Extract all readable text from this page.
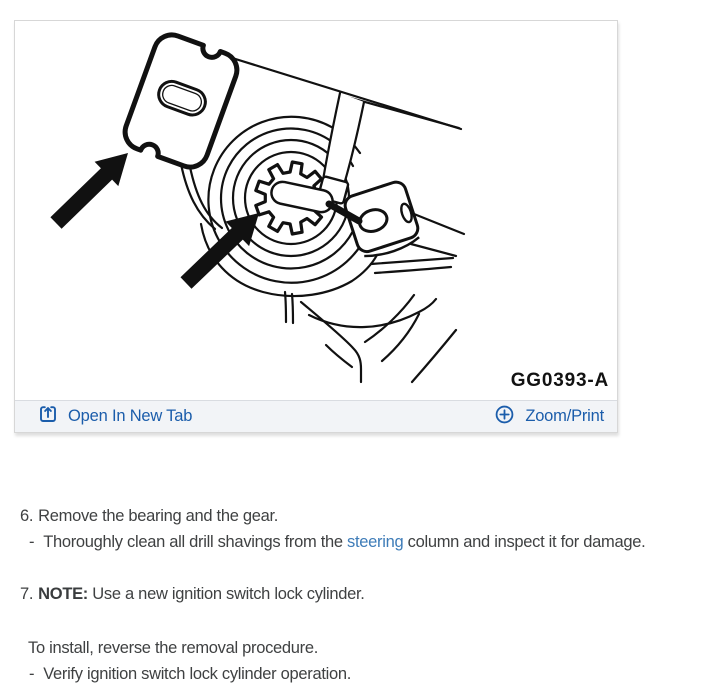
GG0393-A
Open In New Tab	Zoom/Print
6. Remove the bearing and the gear.
- Thoroughly clean all drill shavings from the steering column and inspect it for damage.
7. NOTE: Use a new ignition switch lock cylinder.
To install, reverse the removal procedure.
- Verify ignition switch lock cylinder operation.
